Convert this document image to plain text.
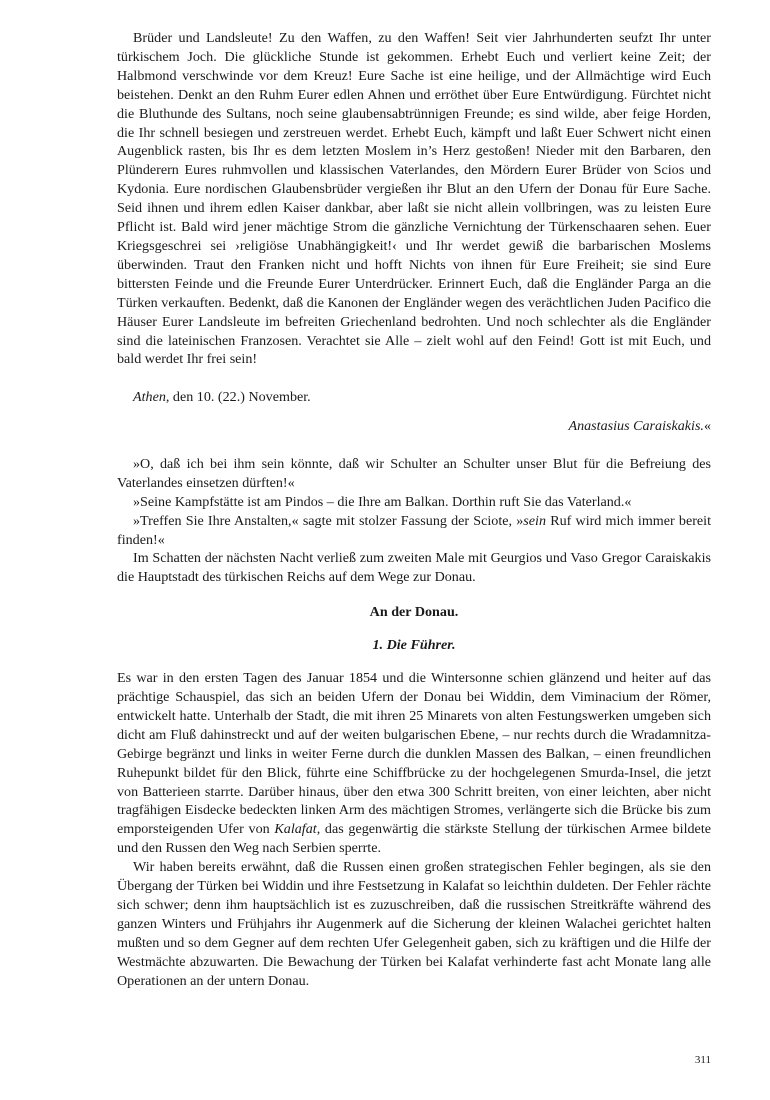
Brüder und Landsleute! Zu den Waffen, zu den Waffen! Seit vier Jahrhunderten seufzt Ihr unter türkischem Joch. Die glückliche Stunde ist gekommen. Erhebt Euch und verliert keine Zeit; der Halbmond verschwinde vor dem Kreuz! Eure Sache ist eine heilige, und der Allmächtige wird Euch beistehen. Denkt an den Ruhm Eurer edlen Ahnen und erröthet über Eure Entwürdigung. Fürchtet nicht die Bluthunde des Sultans, noch seine glaubensabtrünnigen Freunde; es sind wilde, aber feige Horden, die Ihr schnell besiegen und zerstreuen werdet. Erhebt Euch, kämpft und laßt Euer Schwert nicht einen Augenblick rasten, bis Ihr es dem letzten Moslem in’s Herz gestoßen! Nieder mit den Barbaren, den Plünderern Eures ruhmvollen und klassischen Vaterlandes, den Mördern Eurer Brüder von Scios und Kydonia. Eure nordischen Glaubensbrüder vergießen ihr Blut an den Ufern der Donau für Eure Sache. Seid ihnen und ihrem edlen Kaiser dankbar, aber laßt sie nicht allein vollbringen, was zu leisten Eure Pflicht ist. Bald wird jener mächtige Strom die gänzliche Vernichtung der Türkenschaaren sehen. Euer Kriegsgeschrei sei ›religiöse Unabhängigkeit!‹ und Ihr werdet gewiß die barbarischen Moslems überwinden. Traut den Franken nicht und hofft Nichts von ihnen für Eure Freiheit; sie sind Eure bittersten Feinde und die Freunde Eurer Unterdrücker. Erinnert Euch, daß die Engländer Parga an die Türken verkauften. Bedenkt, daß die Kanonen der Engländer wegen des verächtlichen Juden Pacifico die Häuser Eurer Landsleute im befreiten Griechenland bedrohten. Und noch schlechter als die Engländer sind die lateinischen Franzosen. Verachtet sie Alle – zielt wohl auf den Feind! Gott ist mit Euch, und bald werdet Ihr frei sein!

Athen, den 10. (22.) November.

Anastasius Caraiskakis.«

»O, daß ich bei ihm sein könnte, daß wir Schulter an Schulter unser Blut für die Befreiung des Vaterlandes einsetzen dürften!«

»Seine Kampfstätte ist am Pindos – die Ihre am Balkan. Dorthin ruft Sie das Vaterland.«

»Treffen Sie Ihre Anstalten,« sagte mit stolzer Fassung der Sciote, »sein Ruf wird mich immer bereit finden!«

Im Schatten der nächsten Nacht verließ zum zweiten Male mit Geurgios und Vaso Gregor Caraiskakis die Hauptstadt des türkischen Reichs auf dem Wege zur Donau.

An der Donau.
1. Die Führer.

Es war in den ersten Tagen des Januar 1854 und die Wintersonne schien glänzend und heiter auf das prächtige Schauspiel, das sich an beiden Ufern der Donau bei Widdin, dem Viminacium der Römer, entwickelt hatte. Unterhalb der Stadt, die mit ihren 25 Minarets von alten Festungswerken umgeben sich dicht am Fluß dahinstreckt und auf der weiten bulgarischen Ebene, – nur rechts durch die Wradamnitza-Gebirge begränzt und links in weiter Ferne durch die dunklen Massen des Balkan, – einen freundlichen Ruhepunkt bildet für den Blick, führte eine Schiffbrücke zu der hochgelegenen Smurda-Insel, die jetzt von Batterieen starrte. Darüber hinaus, über den etwa 300 Schritt breiten, von einer leichten, aber nicht tragfähigen Eisdecke bedeckten linken Arm des mächtigen Stromes, verlängerte sich die Brücke bis zum emporsteigenden Ufer von Kalafat, das gegenwärtig die stärkste Stellung der türkischen Armee bildete und den Russen den Weg nach Serbien sperrte.

Wir haben bereits erwähnt, daß die Russen einen großen strategischen Fehler begingen, als sie den Übergang der Türken bei Widdin und ihre Festsetzung in Kalafat so leichthin duldeten. Der Fehler rächte sich schwer; denn ihm hauptsächlich ist es zuzuschreiben, daß die russischen Streitkräfte während des ganzen Winters und Frühjahrs ihr Augenmerk auf die Sicherung der kleinen Walachei gerichtet halten mußten und so dem Gegner auf dem rechten Ufer Gelegenheit gaben, sich zu kräftigen und die Hilfe der Westmächte abzuwarten. Die Bewachung der Türken bei Kalafat verhinderte fast acht Monate lang alle Operationen an der untern Donau.

311
